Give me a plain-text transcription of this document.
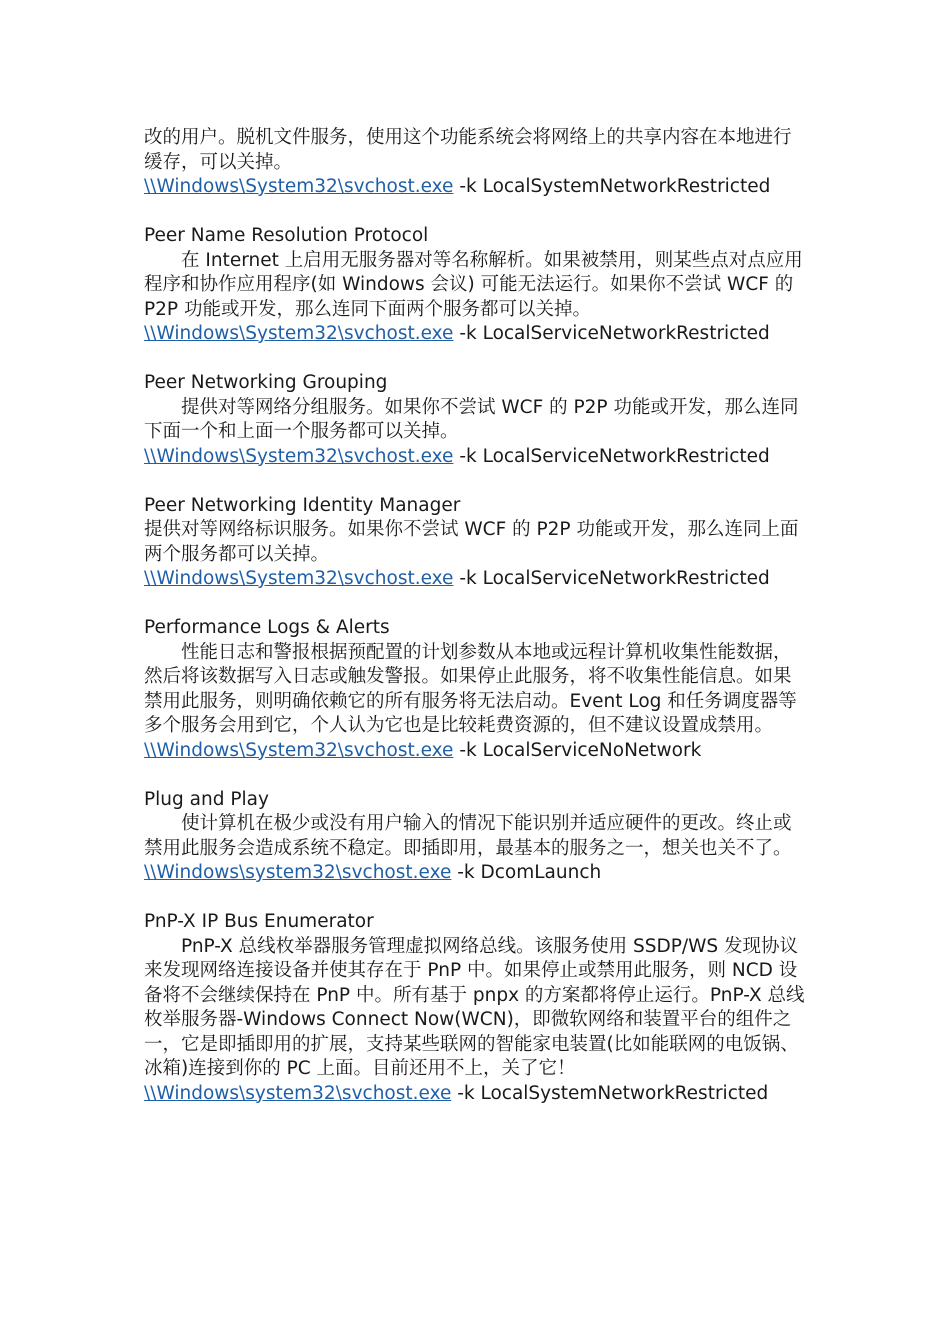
改的用户。脱机文件服务，使用这个功能系统会将网络上的共享内容在本地进行缓存，可以关掉。

\\Windows\System32\svchost.exe -k LocalSystemNetworkRestricted

Peer Name Resolution Protocol

在 Internet 上启用无服务器对等名称解析。如果被禁用，则某些点对点应用程序和协作应用程序(如 Windows 会议) 可能无法运行。如果你不尝试 WCF 的 P2P 功能或开发，那么连同下面两个服务都可以关掉。

\\Windows\System32\svchost.exe -k LocalServiceNetworkRestricted

Peer Networking Grouping

提供对等网络分组服务。如果你不尝试 WCF 的 P2P 功能或开发，那么连同下面一个和上面一个服务都可以关掉。

\\Windows\System32\svchost.exe -k LocalServiceNetworkRestricted

Peer Networking Identity Manager

提供对等网络标识服务。如果你不尝试 WCF 的 P2P 功能或开发，那么连同上面两个服务都可以关掉。

\\Windows\System32\svchost.exe -k LocalServiceNetworkRestricted

Performance Logs & Alerts

性能日志和警报根据预配置的计划参数从本地或远程计算机收集性能数据，然后将该数据写入日志或触发警报。如果停止此服务，将不收集性能信息。如果禁用此服务，则明确依赖它的所有服务将无法启动。Event Log 和任务调度器等多个服务会用到它，个人认为它也是比较耗费资源的，但不建议设置成禁用。

\\Windows\System32\svchost.exe -k LocalServiceNoNetwork

Plug and Play

使计算机在极少或没有用户输入的情况下能识别并适应硬件的更改。终止或禁用此服务会造成系统不稳定。即插即用，最基本的服务之一，想关也关不了。

\\Windows\system32\svchost.exe -k DcomLaunch

PnP-X IP Bus Enumerator

PnP-X 总线枚举器服务管理虚拟网络总线。该服务使用 SSDP/WS 发现协议来发现网络连接设备并使其存在于 PnP 中。如果停止或禁用此服务，则 NCD 设备将不会继续保持在 PnP 中。所有基于 pnpx 的方案都将停止运行。PnP-X 总线枚举服务器-Windows Connect Now(WCN)，即微软网络和装置平台的组件之一，它是即插即用的扩展，支持某些联网的智能家电装置(比如能联网的电饭锅、冰箱)连接到你的 PC 上面。目前还用不上，关了它！

\\Windows\system32\svchost.exe -k LocalSystemNetworkRestricted
